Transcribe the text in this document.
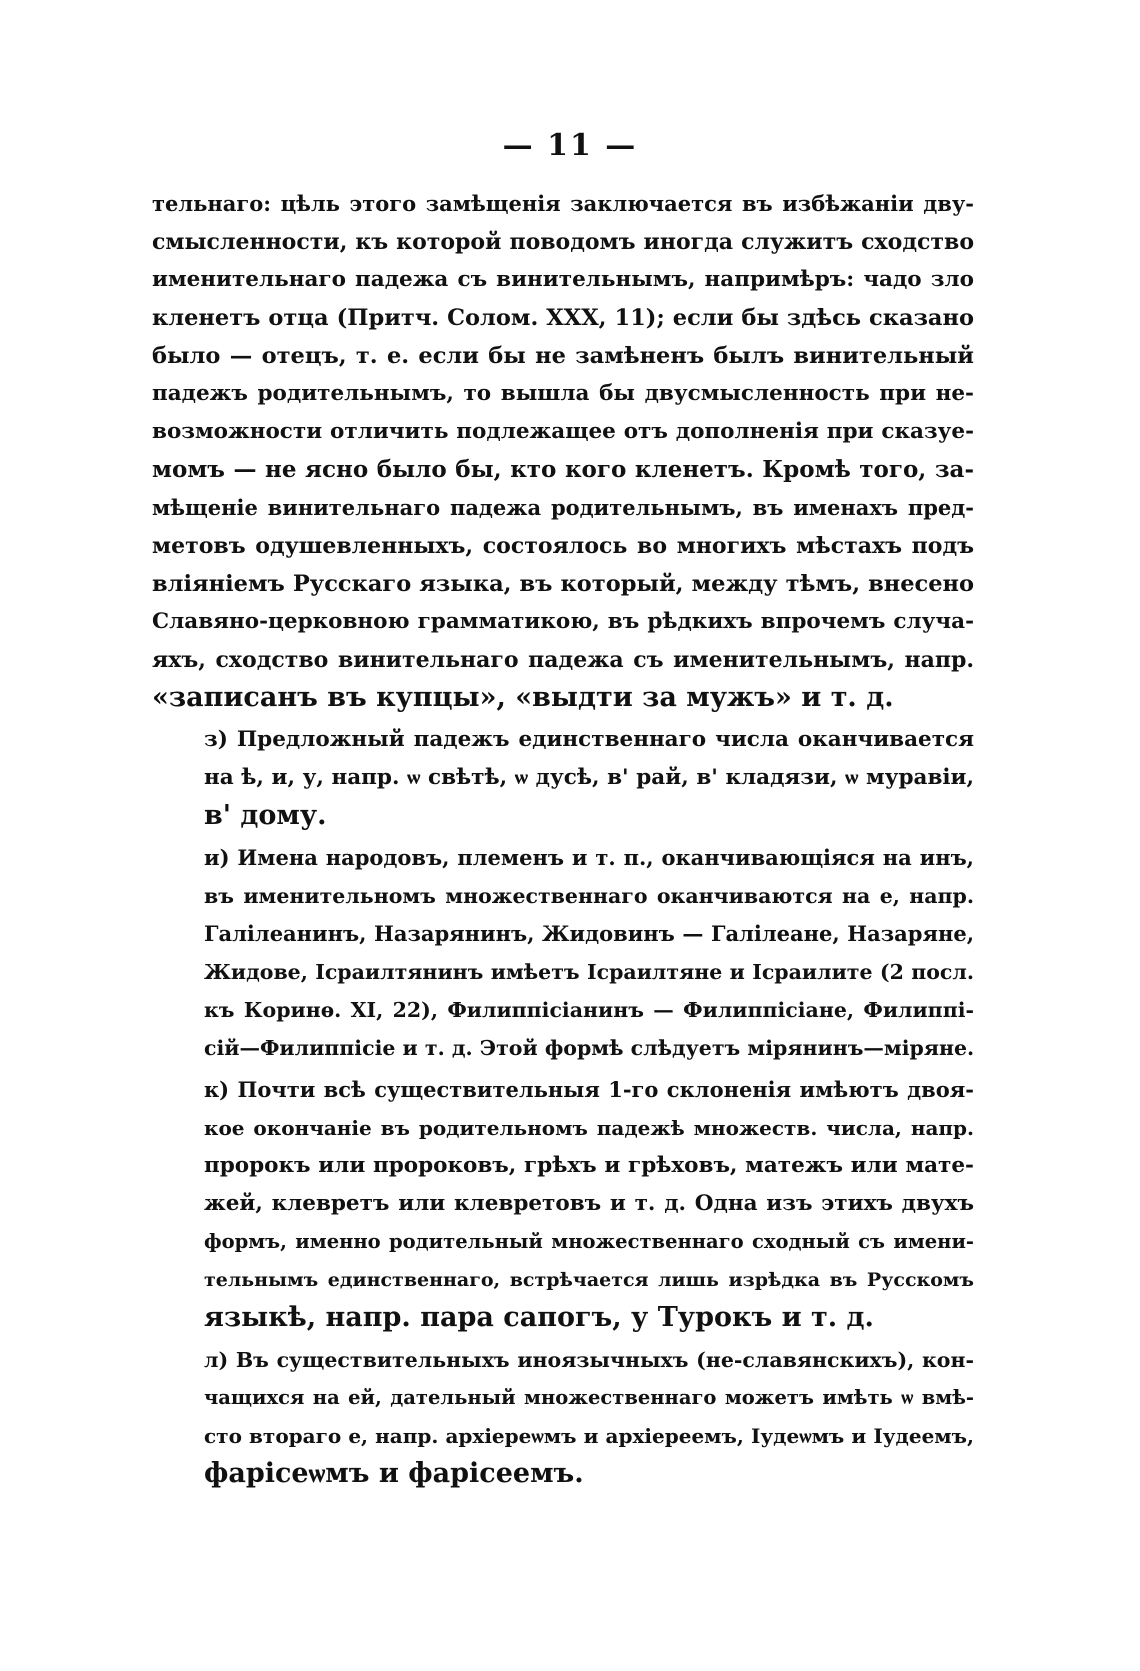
— 11 —
тельнаго: цѣль этого замѣщенія заключается въ избѣжаніи дву-
смысленности, къ которой поводомъ иногда служитъ сходство
именительнаго падежа съ винительнымъ, напримѣръ: чадо зло
кленетъ отца (Притч. Солом. XXX, 11); если бы здѣсь сказано
было — отецъ, т. е. если бы не замѣненъ былъ винительный
падежъ родительнымъ, то вышла бы двусмысленность при не-
возможности отличить подлежащее отъ дополненія при сказуе-
момъ — не ясно было бы, кто кого кленетъ. Кромѣ того, за-
мѣщеніе винительнаго падежа родительнымъ, въ именахъ пред-
метовъ одушевленныхъ, состоялось во многихъ мѣстахъ подъ
вліяніемъ Русскаго языка, въ который, между тѣмъ, внесено
Славяно-церковною грамматикою, въ рѣдкихъ впрочемъ случа-
яхъ, сходство винительнаго падежа съ именительнымъ, напр.
«записанъ въ купцы», «выдти за мужъ» и т. д.
з) Предложный падежъ единственнаго числа оканчивается
на ѣ, и, у, напр. ѡ свѣтѣ, ѡ дусѣ, в' рай, в' кладязи, ѡ муравіи,
в' дому.
и) Имена народовъ, племенъ и т. п., оканчивающіяся на инъ,
въ именительномъ множественнаго оканчиваются на е, напр.
Галілеанинъ, Назарянинъ, Жидовинъ — Галілеане, Назаряне,
Жидове, Ісраилтянинъ имѣетъ Ісраилтяне и Ісраилите (2 посл.
къ Коринѳ. XI, 22), Филиппісіанинъ — Филиппісіане, Филиппі-
сій—Филиппісіе и т. д. Этой формѣ слѣдуетъ мірянинъ—міряне.
к) Почти всѣ существительныя 1-го склоненія имѣютъ двоя-
кое окончаніе въ родительномъ падежѣ множеств. числа, напр.
пророкъ или пророковъ, грѣхъ и грѣховъ, матежъ или мате-
жей, клевретъ или клевретовъ и т. д. Одна изъ этихъ двухъ
формъ, именно родительный множественнаго сходный съ имени-
тельнымъ единственнаго, встрѣчается лишь изрѣдка въ Русскомъ
языкѣ, напр. пара сапогъ, у Турокъ и т. д.
л) Въ существительныхъ иноязычныхъ (не-славянскихъ), кон-
чащихся на ей, дательный множественнаго можетъ имѣть ѡ вмѣ-
сто втораго е, напр. архіереѡмъ и архіереемъ, Іудеѡмъ и Іудеемъ,
фарісеѡмъ и фарісеемъ.
